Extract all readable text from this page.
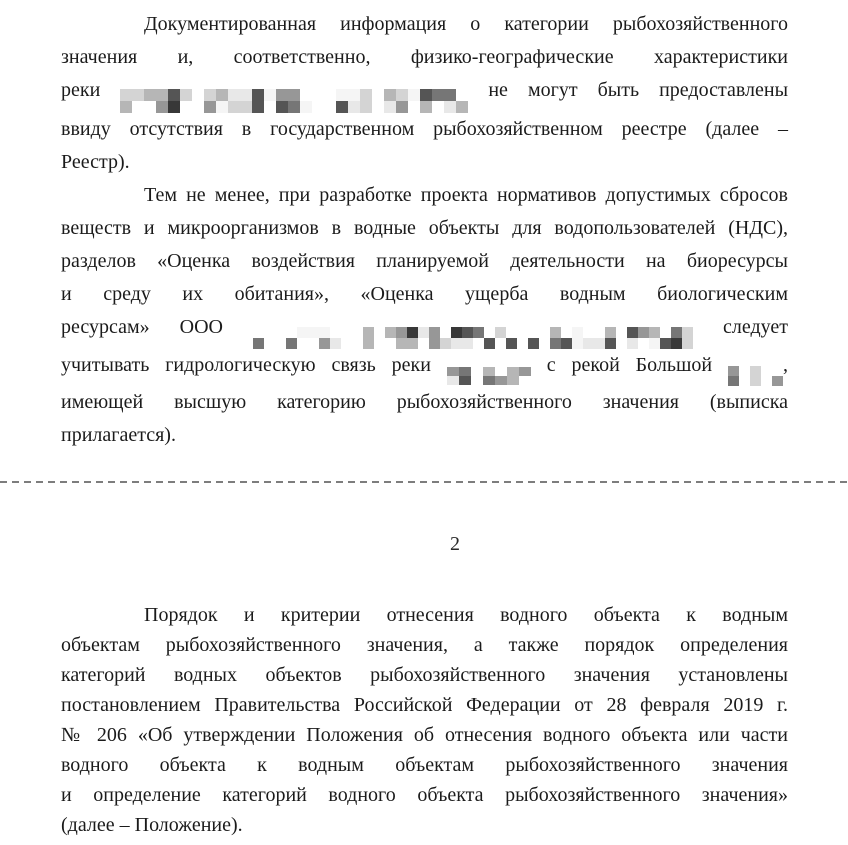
Документированная информация о категории рыбохозяйственного
значения и, соответственно, физико-географические характеристики
реки	не могут быть предоставлены
ввиду отсутствия в государственном рыбохозяйственном реестре (далее –
Реестр).
Тем не менее, при разработке проекта нормативов допустимых сбросов
веществ и микроорганизмов в водные объекты для водопользователей (НДС),
разделов «Оценка воздействия планируемой деятельности на биоресурсы
и среду их обитания», «Оценка ущерба водным биологическим
ресурсам» ООО	следует
учитывать гидрологическую связь реки	с рекой Большой	,
имеющей высшую категорию рыбохозяйственного значения (выписка
прилагается).
2
Порядок и критерии отнесения водного объекта к водным
объектам рыбохозяйственного значения, а также порядок определения
категорий водных объектов рыбохозяйственного значения установлены
постановлением Правительства Российской Федерации от 28 февраля 2019 г.
№ 206 «Об утверждении Положения об отнесения водного объекта или части
водного объекта к водным объектам рыбохозяйственного значения
и определение категорий водного объекта рыбохозяйственного значения»
(далее – Положение).
